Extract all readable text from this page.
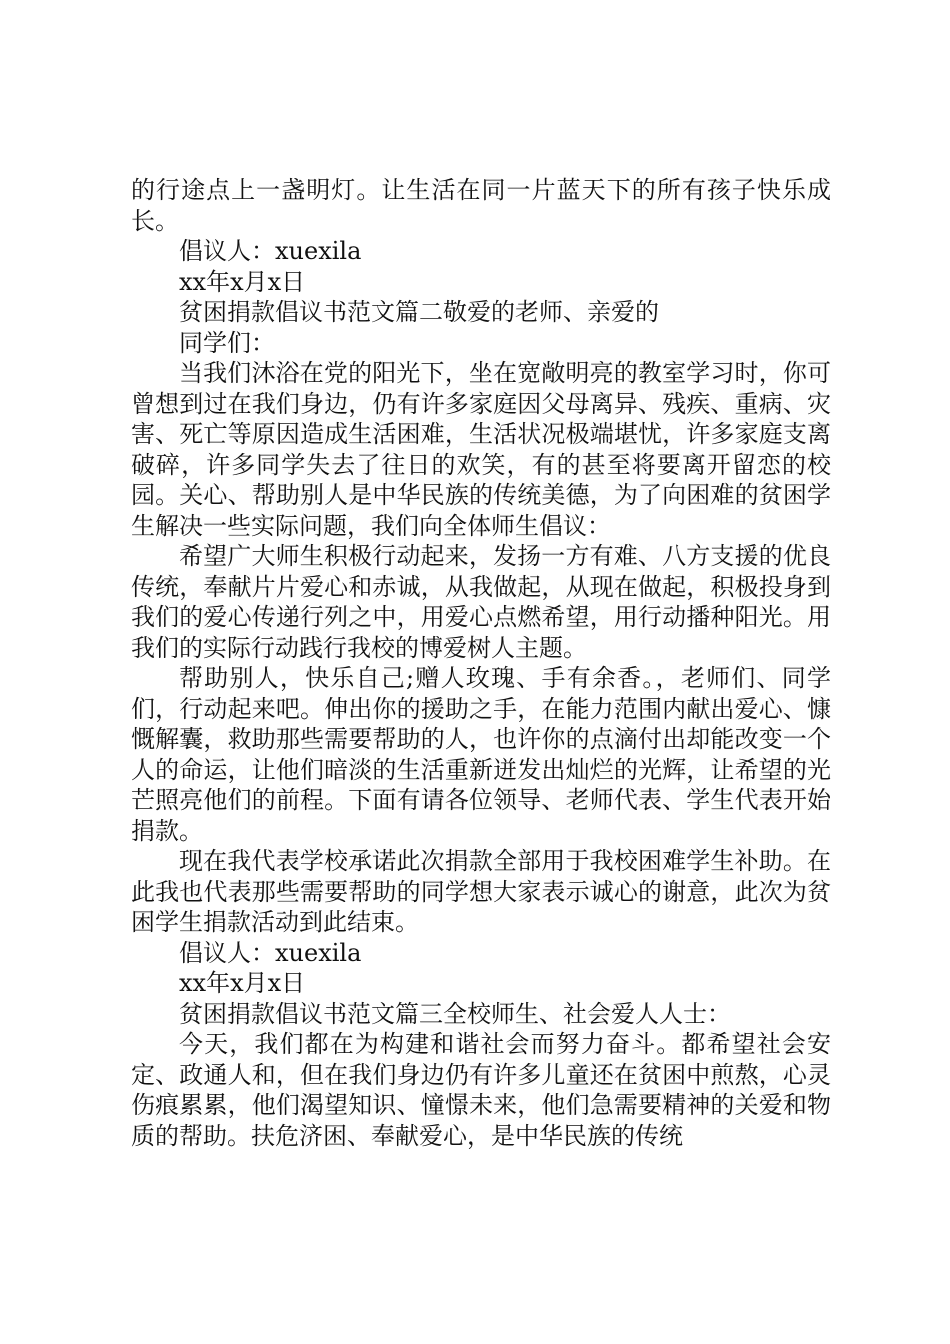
的行途点上一盏明灯。让生活在同一片蓝天下的所有孩子快乐成长。

倡议人：xuexila

xx年x月x日

贫困捐款倡议书范文篇二敬爱的老师、亲爱的

同学们：

当我们沐浴在党的阳光下，坐在宽敞明亮的教室学习时，你可曾想到过在我们身边，仍有许多家庭因父母离异、残疾、重病、灾害、死亡等原因造成生活困难，生活状况极端堪忧，许多家庭支离破碎，许多同学失去了往日的欢笑，有的甚至将要离开留恋的校园。关心、帮助别人是中华民族的传统美德，为了向困难的贫困学生解决一些实际问题，我们向全体师生倡议：

希望广大师生积极行动起来，发扬一方有难、八方支援的优良传统，奉献片片爱心和赤诚，从我做起，从现在做起，积极投身到我们的爱心传递行列之中，用爱心点燃希望，用行动播种阳光。用我们的实际行动践行我校的博爱树人主题。

帮助别人，快乐自己;赠人玫瑰、手有余香。，老师们、同学们，行动起来吧。伸出你的援助之手，在能力范围内献出爱心、慷慨解囊，救助那些需要帮助的人，也许你的点滴付出却能改变一个人的命运，让他们暗淡的生活重新迸发出灿烂的光辉，让希望的光芒照亮他们的前程。下面有请各位领导、老师代表、学生代表开始捐款。

现在我代表学校承诺此次捐款全部用于我校困难学生补助。在此我也代表那些需要帮助的同学想大家表示诚心的谢意，此次为贫困学生捐款活动到此结束。

倡议人：xuexila

xx年x月x日

贫困捐款倡议书范文篇三全校师生、社会爱人人士：

今天，我们都在为构建和谐社会而努力奋斗。都希望社会安定、政通人和，但在我们身边仍有许多儿童还在贫困中煎熬，心灵伤痕累累，他们渴望知识、憧憬未来，他们急需要精神的关爱和物质的帮助。扶危济困、奉献爱心，是中华民族的传统
